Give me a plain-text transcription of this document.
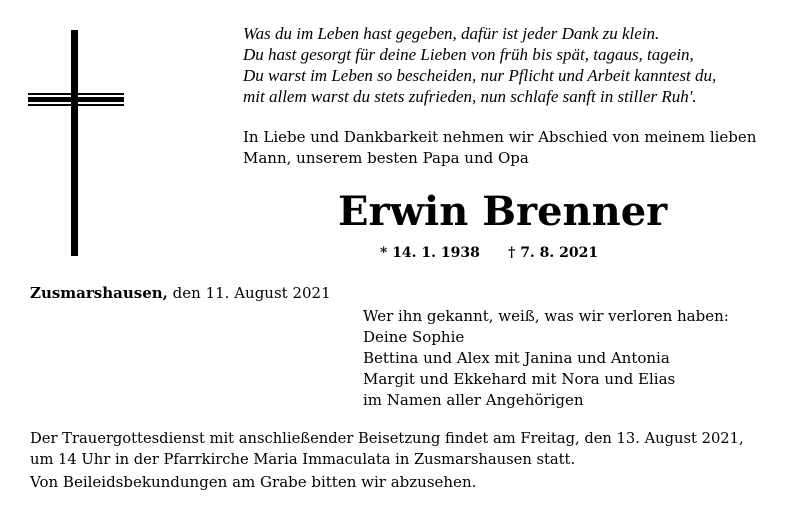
Was du im Leben hast gegeben, dafür ist jeder Dank zu klein.
Du hast gesorgt für deine Lieben von früh bis spät, tagaus, tagein,
Du warst im Leben so bescheiden, nur Pflicht und Arbeit kanntest du,
mit allem warst du stets zufrieden, nun schlafe sanft in stiller Ruh'.
In Liebe und Dankbarkeit nehmen wir Abschied von meinem lieben
Mann, unserem besten Papa und Opa
Erwin Brenner
* 14. 1. 1938 † 7. 8. 2021
Zusmarshausen, den 11. August 2021
Wer ihn gekannt, weiß, was wir verloren haben:
Deine Sophie
Bettina und Alex mit Janina und Antonia
Margit und Ekkehard mit Nora und Elias
im Namen aller Angehörigen
Der Trauergottesdienst mit anschließender Beisetzung findet am Freitag, den 13. August 2021,
um 14 Uhr in der Pfarrkirche Maria Immaculata in Zusmarshausen statt.
Von Beileidsbekundungen am Grabe bitten wir abzusehen.
